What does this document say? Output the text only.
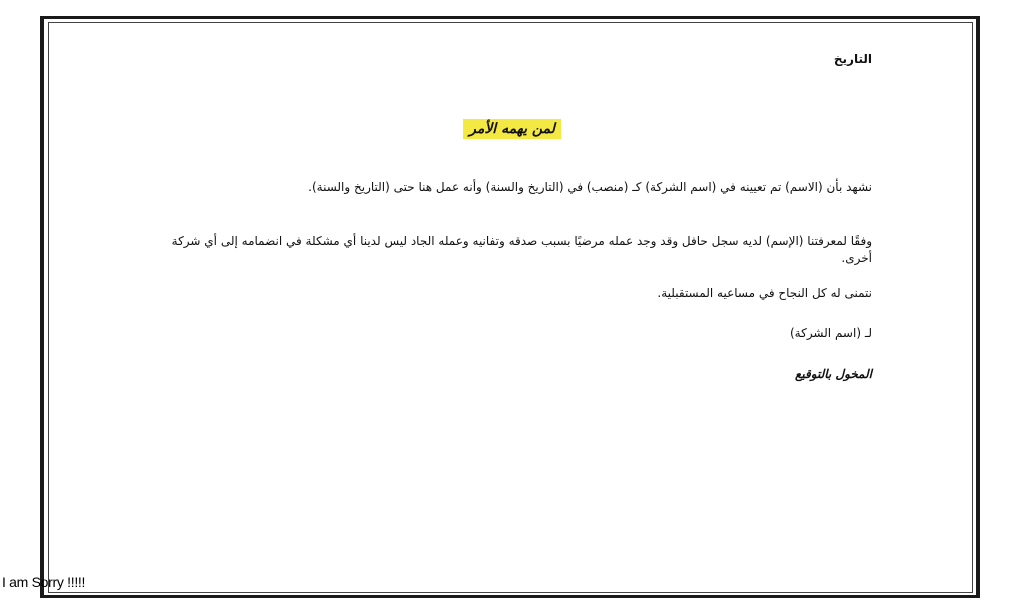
التاريخ
لمن يهمه الأمر
نشهد بأن (الاسم) تم تعيينه في (اسم الشركة) كـ (منصب) في (التاريخ والسنة) وأنه عمل هنا حتى (التاريخ والسنة).
وفقًا لمعرفتنا (الإسم) لديه سجل حافل وقد وجد عمله مرضيًا بسبب صدقه وتفانيه وعمله الجاد ليس لدينا أي مشكلة في انضمامه إلى أي شركة أخرى.
نتمنى له كل النجاح في مساعيه المستقبلية.
لـ (اسم الشركة)
المخول بالتوقيع
I am Sorry !!!!!
